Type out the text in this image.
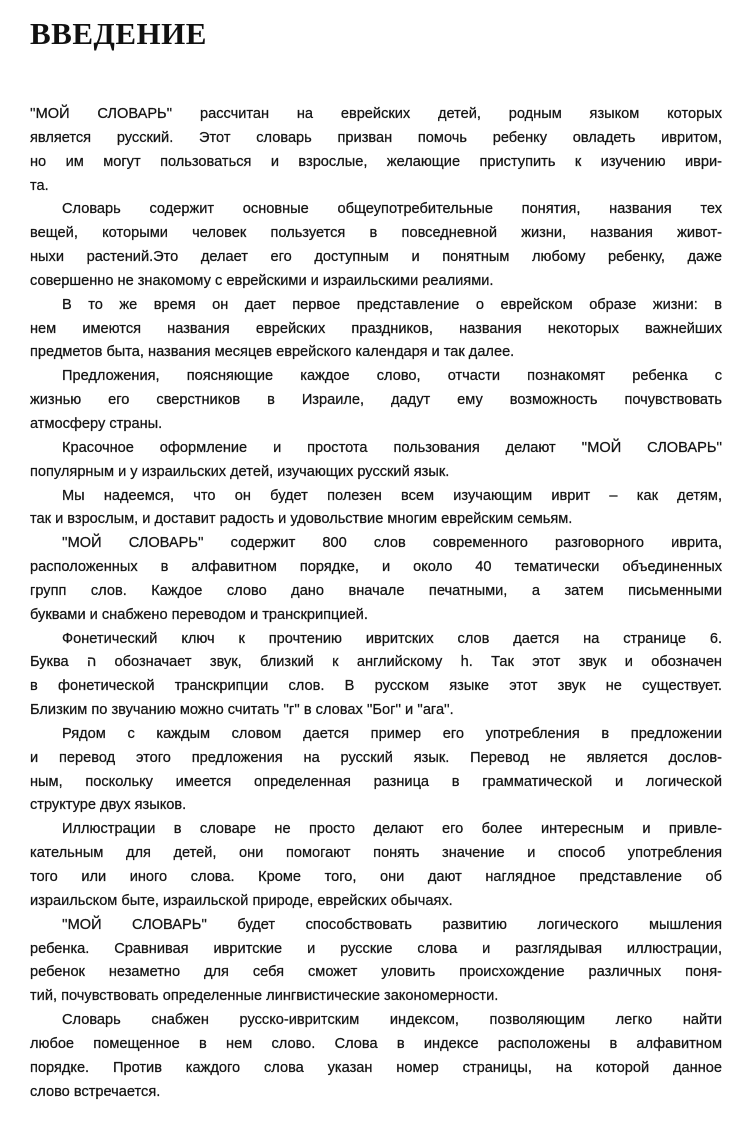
ВВЕДЕНИЕ
''МОЙ СЛОВАРЬ'' рассчитан на еврейских детей, родным языком которых
является русский. Этот словарь призван помочь ребенку овладеть ивритом,
но им могут пользоваться и взрослые, желающие приступить к изучению иври-
та.
Словарь содержит основные общеупотребительные понятия, названия тех
вещей, которыми человек пользуется в повседневной жизни, названия живот-
ныхи растений.Это делает его доступным и понятным любому ребенку, даже
совершенно не знакомому с еврейскими и израильскими реалиями.
В то же время он дает первое представление о еврейском образе жизни: в
нем имеются названия еврейских праздников, названия некоторых важнейших
предметов быта, названия месяцев еврейского календаря и так далее.
Предложения, поясняющие каждое слово, отчасти познакомят ребенка с
жизнью его сверстников в Израиле, дадут ему возможность почувствовать
атмосферу страны.
Красочное оформление и простота пользования делают ''МОЙ СЛОВАРЬ''
популярным и у израильских детей, изучающих русский язык.
Мы надеемся, что он будет полезен всем изучающим иврит – как детям,
так и взрослым, и доставит радость и удовольствие многим еврейским семьям.
''МОЙ СЛОВАРЬ'' содержит 800 слов современного разговорного иврита,
расположенных в алфавитном порядке, и около 40 тематически объединенных
групп слов. Каждое слово дано вначале печатными, а затем письменными
буквами и снабжено переводом и транскрипцией.
Фонетический ключ к прочтению ивритских слов дается на странице 6.
Буква ה обозначает звук, близкий к английскому h. Так этот звук и обозначен
в фонетической транскрипции слов. В русском языке этот звук не существует.
Близким по звучанию можно считать ''г'' в словах ''Бог'' и ''ага''.
Рядом с каждым словом дается пример его употребления в предложении
и перевод этого предложения на русский язык. Перевод не является дослов-
ным, поскольку имеется определенная разница в грамматической и логической
структуре двух языков.
Иллюстрации в словаре не просто делают его более интересным и привле-
кательным для детей, они помогают понять значение и способ употребления
того или иного слова. Кроме того, они дают наглядное представление об
израильском быте, израильской природе, еврейских обычаях.
''МОЙ СЛОВАРЬ'' будет способствовать развитию логического мышления
ребенка. Сравнивая ивритские и русские слова и разглядывая иллюстрации,
ребенок незаметно для себя сможет уловить происхождение различных поня-
тий, почувствовать определенные лингвистические закономерности.
Словарь снабжен русско-ивритским индексом, позволяющим легко найти
любое помещенное в нем слово. Слова в индексе расположены в алфавитном
порядке. Против каждого слова указан номер страницы, на которой данное
слово встречается.
